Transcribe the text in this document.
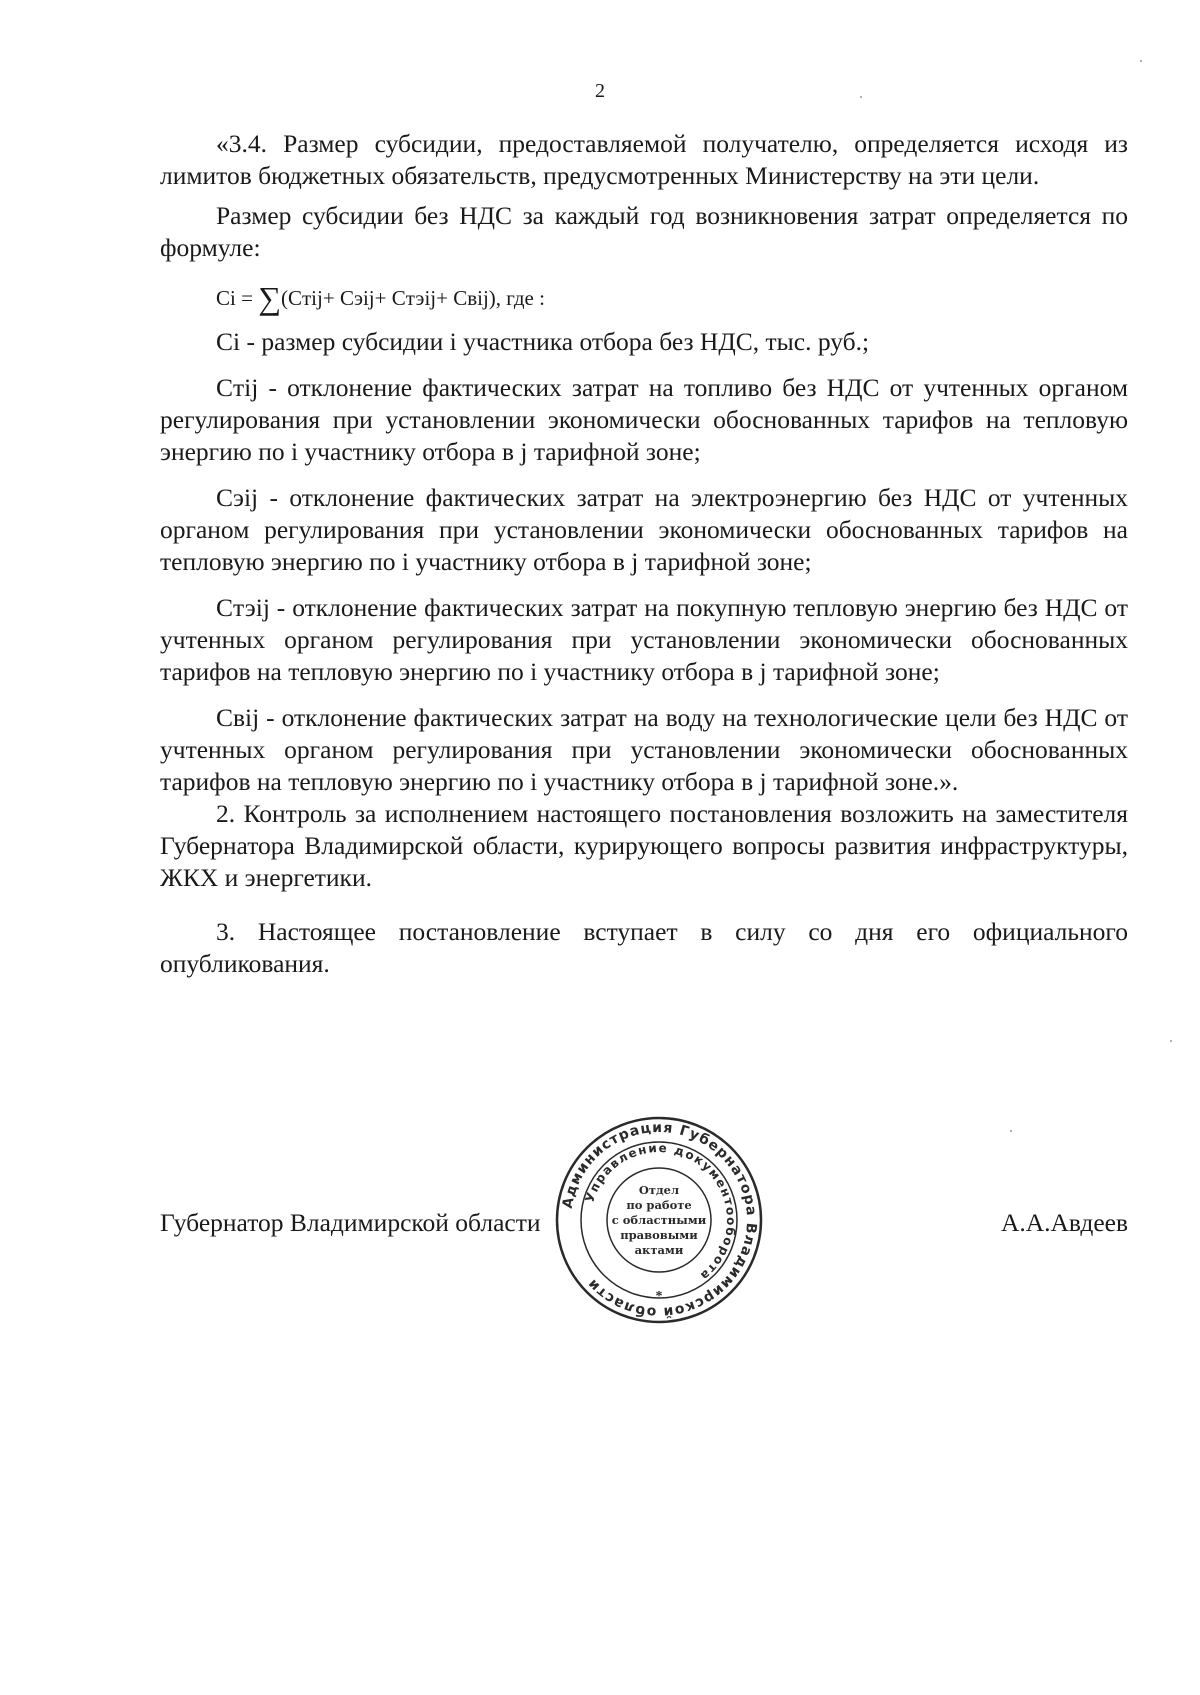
2

«3.4. Размер субсидии, предоставляемой получателю, определяется исходя из лимитов бюджетных обязательств, предусмотренных Министерству на эти цели.

Размер субсидии без НДС за каждый год возникновения затрат определяется по формуле:

Ci = ∑(Cтij+ Cэij+ Cтэij+ Cвij), где :

Ci - размер субсидии i участника отбора без НДС, тыс. руб.;

Cтij - отклонение фактических затрат на топливо без НДС от учтенных органом регулирования при установлении экономически обоснованных тарифов на тепловую энергию по i участнику отбора в j тарифной зоне;

Cэij - отклонение фактических затрат на электроэнергию без НДС от учтенных органом регулирования при установлении экономически обоснованных тарифов на тепловую энергию по i участнику отбора в j тарифной зоне;

Cтэij - отклонение фактических затрат на покупную тепловую энергию без НДС от учтенных органом регулирования при установлении экономически обоснованных тарифов на тепловую энергию по i участнику отбора в j тарифной зоне;

Cвij - отклонение фактических затрат на воду на технологические цели без НДС от учтенных органом регулирования при установлении экономически обоснованных тарифов на тепловую энергию по i участнику отбора в j тарифной зоне.».

2. Контроль за исполнением настоящего постановления возложить на заместителя Губернатора Владимирской области, курирующего вопросы развития инфраструктуры, ЖКХ и энергетики.

3. Настоящее постановление вступает в силу со дня его официального опубликования.

Губернатор Владимирской области	А.А.Авдеев
Администрация Губернатора Владимирской области
Управление документооборота
*
Отдел
по работе
с областными
правовыми
актами
